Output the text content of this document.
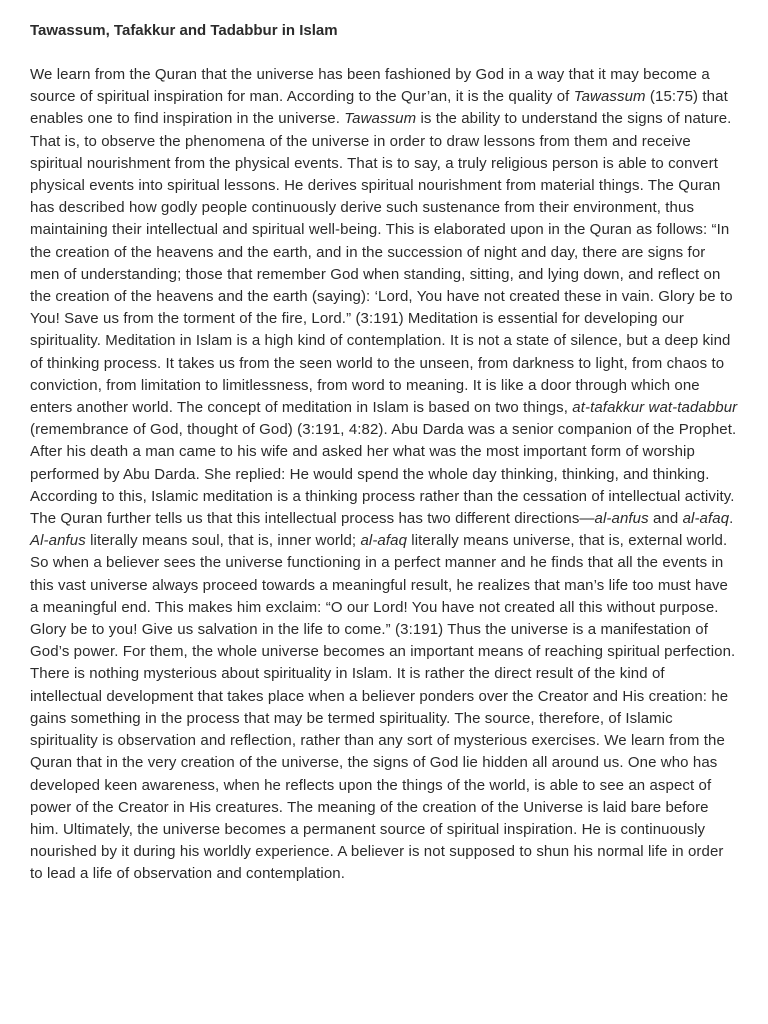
Tawassum, Tafakkur and Tadabbur in Islam

We learn from the Quran that the universe has been fashioned by God in a way that it may become a source of spiritual inspiration for man. According to the Qur’an, it is the quality of Tawassum (15:75) that enables one to find inspiration in the universe. Tawassum is the ability to understand the signs of nature. That is, to observe the phenomena of the universe in order to draw lessons from them and receive spiritual nourishment from the physical events. That is to say, a truly religious person is able to convert physical events into spiritual lessons. He derives spiritual nourishment from material things. The Quran has described how godly people continuously derive such sustenance from their environment, thus maintaining their intellectual and spiritual well-being. This is elaborated upon in the Quran as follows: “In the creation of the heavens and the earth, and in the succession of night and day, there are signs for men of understanding; those that remember God when standing, sitting, and lying down, and reflect on the creation of the heavens and the earth (saying): ‘Lord, You have not created these in vain. Glory be to You! Save us from the torment of the fire, Lord.” (3:191) Meditation is essential for developing our spirituality. Meditation in Islam is a high kind of contemplation. It is not a state of silence, but a deep kind of thinking process. It takes us from the seen world to the unseen, from darkness to light, from chaos to conviction, from limitation to limitlessness, from word to meaning. It is like a door through which one enters another world. The concept of meditation in Islam is based on two things, at-tafakkur wat-tadabbur (remembrance of God, thought of God) (3:191, 4:82). Abu Darda was a senior companion of the Prophet. After his death a man came to his wife and asked her what was the most important form of worship performed by Abu Darda. She replied: He would spend the whole day thinking, thinking, and thinking. According to this, Islamic meditation is a thinking process rather than the cessation of intellectual activity. The Quran further tells us that this intellectual process has two different directions—al-anfus and al-afaq. Al-anfus literally means soul, that is, inner world; al-afaq literally means universe, that is, external world. So when a believer sees the universe functioning in a perfect manner and he finds that all the events in this vast universe always proceed towards a meaningful result, he realizes that man’s life too must have a meaningful end. This makes him exclaim: “O our Lord! You have not created all this without purpose. Glory be to you! Give us salvation in the life to come.” (3:191) Thus the universe is a manifestation of God’s power. For them, the whole universe becomes an important means of reaching spiritual perfection. There is nothing mysterious about spirituality in Islam. It is rather the direct result of the kind of intellectual development that takes place when a believer ponders over the Creator and His creation: he gains something in the process that may be termed spirituality. The source, therefore, of Islamic spirituality is observation and reflection, rather than any sort of mysterious exercises. We learn from the Quran that in the very creation of the universe, the signs of God lie hidden all around us. One who has developed keen awareness, when he reflects upon the things of the world, is able to see an aspect of power of the Creator in His creatures. The meaning of the creation of the Universe is laid bare before him. Ultimately, the universe becomes a permanent source of spiritual inspiration. He is continuously nourished by it during his worldly experience. A believer is not supposed to shun his normal life in order to lead a life of observation and contemplation.
